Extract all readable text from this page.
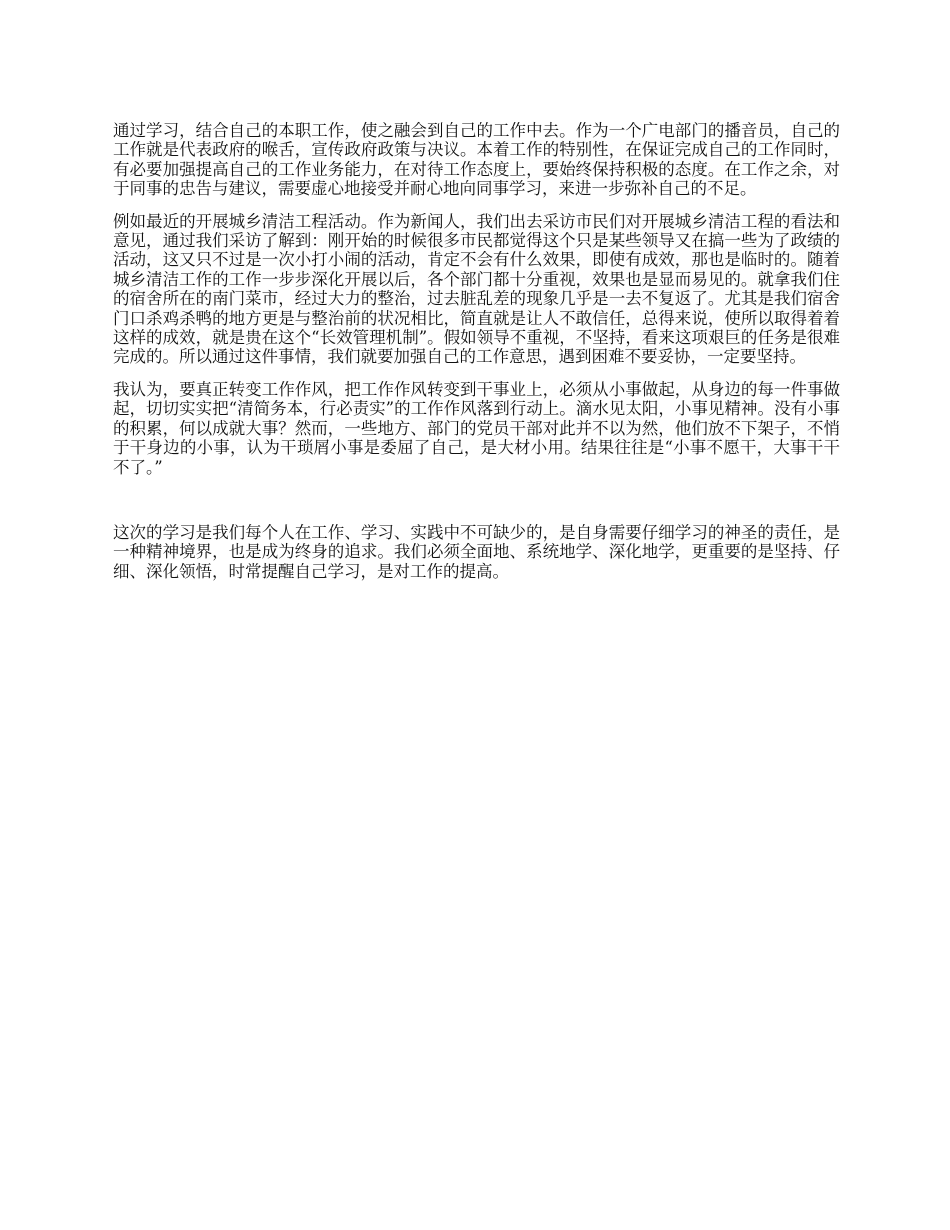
通过学习，结合自己的本职工作，使之融会到自己的工作中去。作为一个广电部门的播音员，自己的工作就是代表政府的喉舌，宣传政府政策与决议。本着工作的特别性，在保证完成自己的工作同时，有必要加强提高自己的工作业务能力，在对待工作态度上，要始终保持积极的态度。在工作之余，对于同事的忠告与建议，需要虚心地接受并耐心地向同事学习，来进一步弥补自己的不足。

例如最近的开展城乡清洁工程活动。作为新闻人，我们出去采访市民们对开展城乡清洁工程的看法和意见，通过我们采访了解到：刚开始的时候很多市民都觉得这个只是某些领导又在搞一些为了政绩的活动，这又只不过是一次小打小闹的活动，肯定不会有什么效果，即使有成效，那也是临时的。随着城乡清洁工作的工作一步步深化开展以后，各个部门都十分重视，效果也是显而易见的。就拿我们住的宿舍所在的南门菜市，经过大力的整治，过去脏乱差的现象几乎是一去不复返了。尤其是我们宿舍门口杀鸡杀鸭的地方更是与整治前的状况相比，简直就是让人不敢信任，总得来说，使所以取得着着这样的成效，就是贵在这个“长效管理机制”。假如领导不重视，不坚持，看来这项艰巨的任务是很难完成的。所以通过这件事情，我们就要加强自己的工作意思，遇到困难不要妥协，一定要坚持。

我认为，要真正转变工作作风，把工作作风转变到干事业上，必须从小事做起，从身边的每一件事做起，切切实实把“清简务本，行必责实”的工作作风落到行动上。滴水见太阳，小事见精神。没有小事的积累，何以成就大事？然而，一些地方、部门的党员干部对此并不以为然，他们放不下架子，不悄于干身边的小事，认为干琐屑小事是委屈了自己，是大材小用。结果往往是“小事不愿干，大事干干不了。”

这次的学习是我们每个人在工作、学习、实践中不可缺少的，是自身需要仔细学习的神圣的责任，是一种精神境界，也是成为终身的追求。我们必须全面地、系统地学、深化地学，更重要的是坚持、仔细、深化领悟，时常提醒自己学习，是对工作的提高。
